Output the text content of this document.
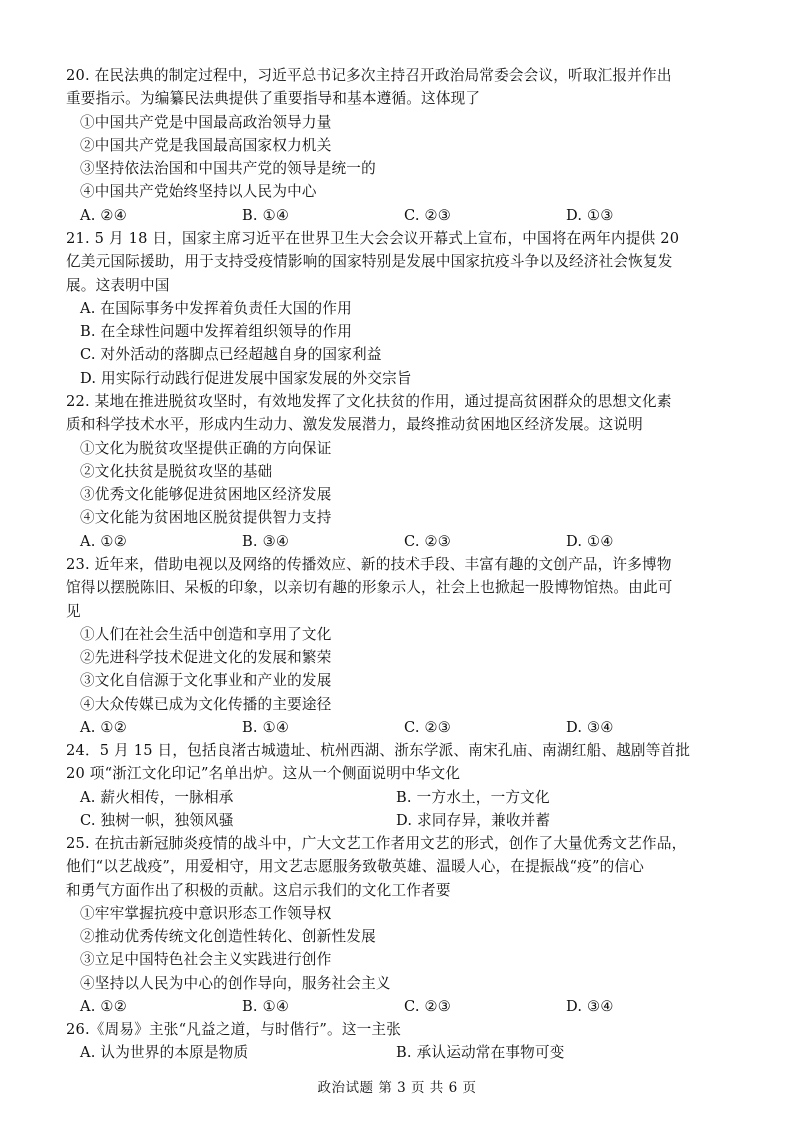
20. 在民法典的制定过程中，习近平总书记多次主持召开政治局常委会会议，听取汇报并作出
重要指示。为编纂民法典提供了重要指导和基本遵循。这体现了
①中国共产党是中国最高政治领导力量
②中国共产党是我国最高国家权力机关
③坚持依法治国和中国共产党的领导是统一的
④中国共产党始终坚持以人民为中心
A. ②④	B. ①④	C. ②③	D. ①③
21. 5 月 18 日，国家主席习近平在世界卫生大会会议开幕式上宣布，中国将在两年内提供 20
亿美元国际援助，用于支持受疫情影响的国家特别是发展中国家抗疫斗争以及经济社会恢复发
展。这表明中国
A. 在国际事务中发挥着负责任大国的作用
B. 在全球性问题中发挥着组织领导的作用
C. 对外活动的落脚点已经超越自身的国家利益
D. 用实际行动践行促进发展中国家发展的外交宗旨
22. 某地在推进脱贫攻坚时，有效地发挥了文化扶贫的作用，通过提高贫困群众的思想文化素
质和科学技术水平，形成内生动力、激发发展潜力，最终推动贫困地区经济发展。这说明
①文化为脱贫攻坚提供正确的方向保证
②文化扶贫是脱贫攻坚的基础
③优秀文化能够促进贫困地区经济发展
④文化能为贫困地区脱贫提供智力支持
A. ①②	B. ③④	C. ②③	D. ①④
23. 近年来，借助电视以及网络的传播效应、新的技术手段、丰富有趣的文创产品，许多博物
馆得以摆脱陈旧、呆板的印象，以亲切有趣的形象示人，社会上也掀起一股博物馆热。由此可
见
①人们在社会生活中创造和享用了文化
②先进科学技术促进文化的发展和繁荣
③文化自信源于文化事业和产业的发展
④大众传媒已成为文化传播的主要途径
A. ①②	B. ①④	C. ②③	D. ③④
24．5 月 15 日，包括良渚古城遗址、杭州西湖、浙东学派、南宋孔庙、南湖红船、越剧等首批
20 项“浙江文化印记”名单出炉。这从一个侧面说明中华文化
A. 薪火相传，一脉相承	B. 一方水土，一方文化
C. 独树一帜，独领风骚	D. 求同存异，兼收并蓄
25. 在抗击新冠肺炎疫情的战斗中，广大文艺工作者用文艺的形式，创作了大量优秀文艺作品，
他们“以艺战疫”，用爱相守，用文艺志愿服务致敬英雄、温暖人心，在提振战“疫”的信心
和勇气方面作出了积极的贡献。这启示我们的文化工作者要
①牢牢掌握抗疫中意识形态工作领导权
②推动优秀传统文化创造性转化、创新性发展
③立足中国特色社会主义实践进行创作
④坚持以人民为中心的创作导向，服务社会主义
A. ①②	B. ①④	C. ②③	D. ③④
26.《周易》主张“凡益之道，与时偕行”。这一主张
A. 认为世界的本原是物质	B. 承认运动常在事物可变
政治试题 第 3 页 共 6 页
